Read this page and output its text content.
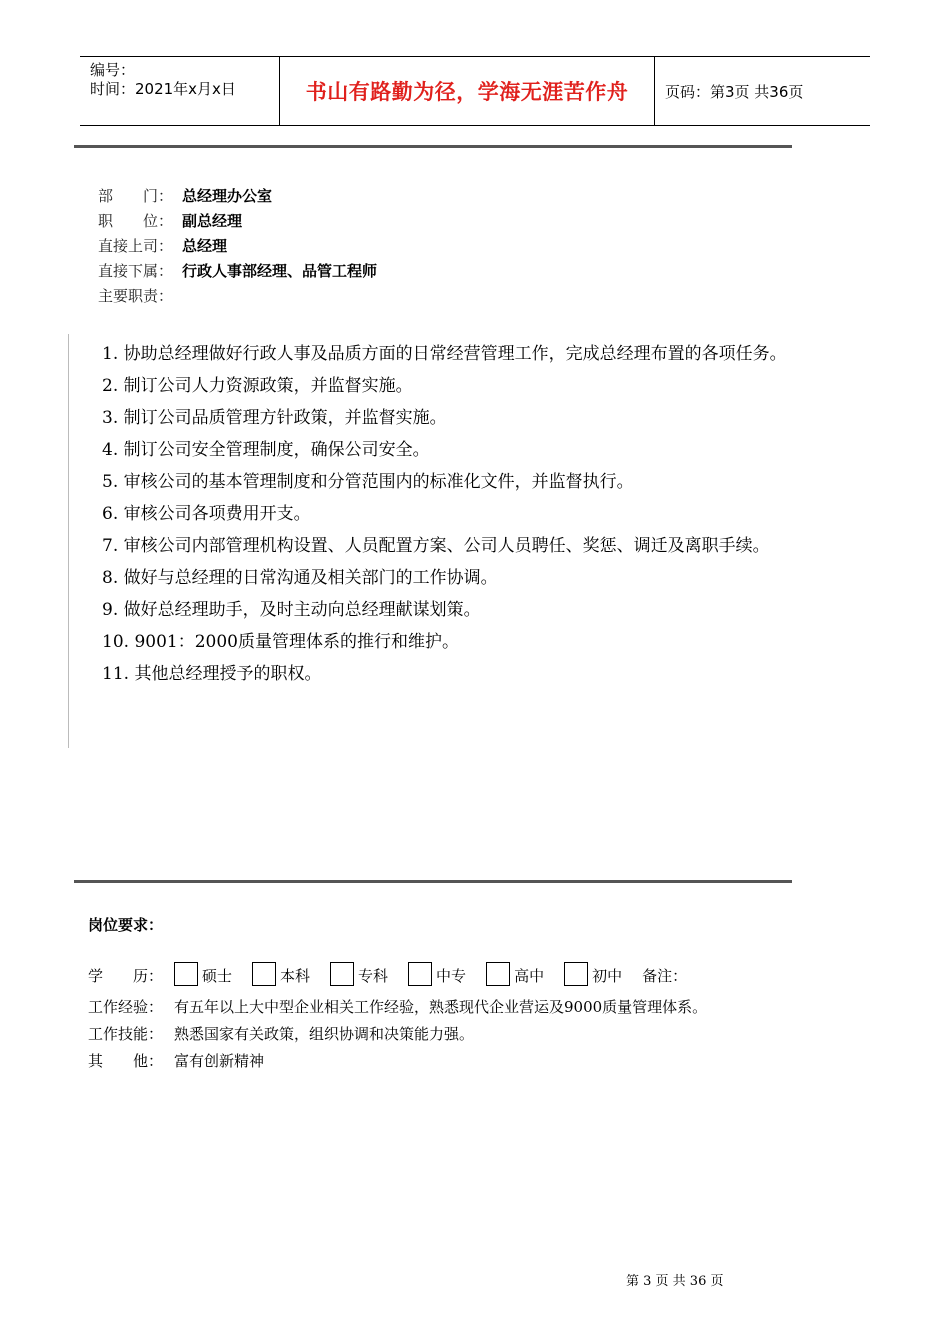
编号：
时间：2021年x月x日	书山有路勤为径，学海无涯苦作舟	页码：第3页 共36页
部　　门： 总经理办公室
职　　位： 副总经理
直接上司： 总经理
直接下属： 行政人事部经理、品管工程师
主要职责：
1. 协助总经理做好行政人事及品质方面的日常经营管理工作，完成总经理布置的各项任务。
2. 制订公司人力资源政策，并监督实施。
3. 制订公司品质管理方针政策，并监督实施。
4. 制订公司安全管理制度，确保公司安全。
5. 审核公司的基本管理制度和分管范围内的标准化文件，并监督执行。
6. 审核公司各项费用开支。
7. 审核公司内部管理机构设置、人员配置方案、公司人员聘任、奖惩、调迁及离职手续。
8. 做好与总经理的日常沟通及相关部门的工作协调。
9. 做好总经理助手，及时主动向总经理献谋划策。
10. 9001：2000质量管理体系的推行和维护。
11. 其他总经理授予的职权。
岗位要求：
学　　历：	硕士	本科	专科	中专	高中	初中 备注：
工作经验： 有五年以上大中型企业相关工作经验，熟悉现代企业营运及9000质量管理体系。
工作技能： 熟悉国家有关政策，组织协调和决策能力强。
其　　他： 富有创新精神
第 3 页 共 36 页
